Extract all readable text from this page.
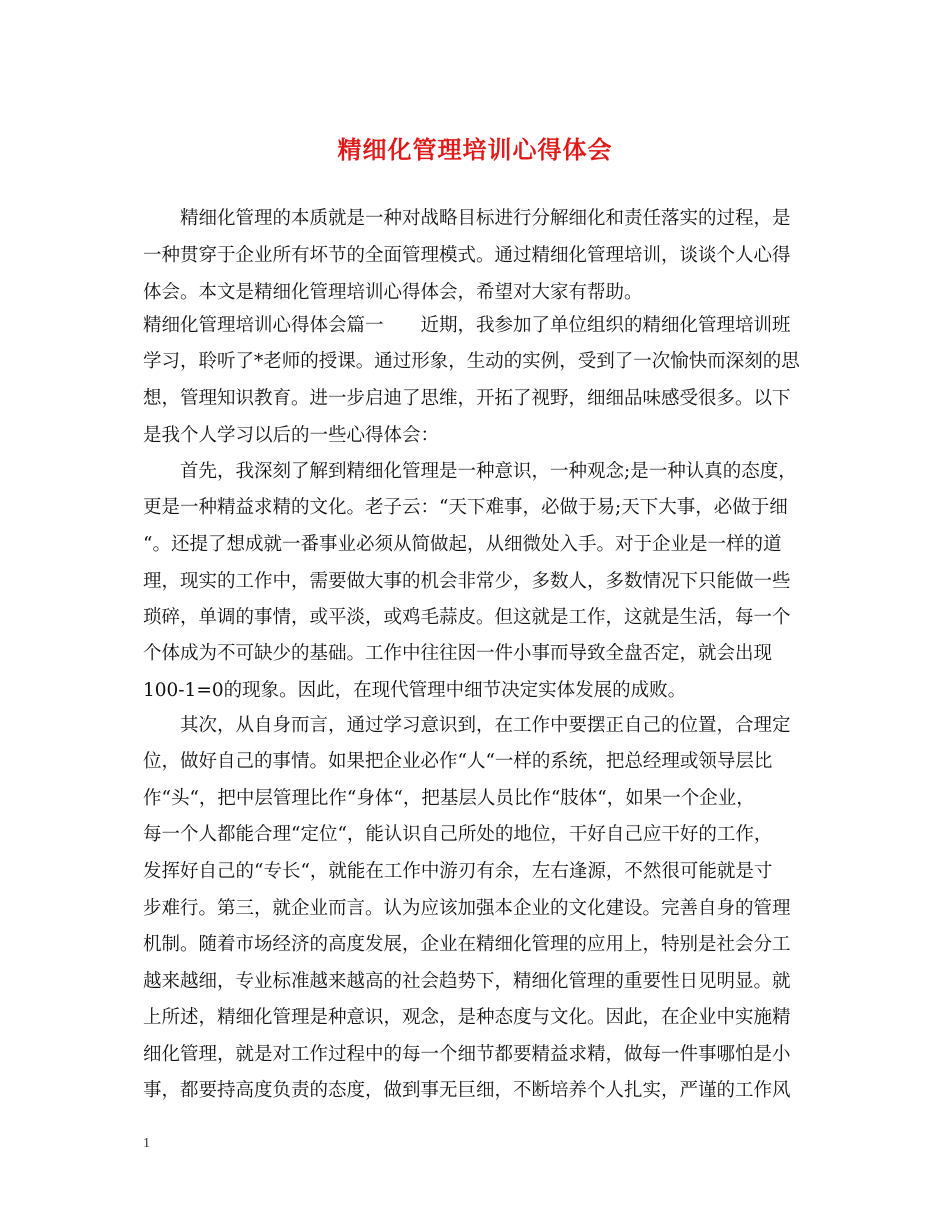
精细化管理培训心得体会

精细化管理的本质就是一种对战略目标进行分解细化和责任落实的过程，是

一种贯穿于企业所有坏节的全面管理模式。通过精细化管理培训，谈谈个人心得

体会。本文是精细化管理培训心得体会，希望对大家有帮助。

精细化管理培训心得体会篇一　　近期，我参加了单位组织的精细化管理培训班

学习，聆听了*老师的授课。通过形象，生动的实例，受到了一次愉快而深刻的思

想，管理知识教育。进一步启迪了思维，开拓了视野，细细品味感受很多。以下

是我个人学习以后的一些心得体会：

首先，我深刻了解到精细化管理是一种意识，一种观念;是一种认真的态度，

更是一种精益求精的文化。老子云：“天下难事，必做于易;天下大事，必做于细

“。还提了想成就一番事业必须从简做起，从细微处入手。对于企业是一样的道

理，现实的工作中，需要做大事的机会非常少，多数人，多数情况下只能做一些

琐碎，单调的事情，或平淡，或鸡毛蒜皮。但这就是工作，这就是生活，每一个

个体成为不可缺少的基础。工作中往往因一件小事而导致全盘否定，就会出现

100-1=0的现象。因此，在现代管理中细节决定实体发展的成败。

其次，从自身而言，通过学习意识到，在工作中要摆正自己的位置，合理定

位，做好自己的事情。如果把企业必作“人“一样的系统，把总经理或领导层比

作“头“，把中层管理比作“身体“，把基层人员比作“肢体“，如果一个企业，

每一个人都能合理“定位“，能认识自己所处的地位，干好自己应干好的工作，

发挥好自己的“专长“，就能在工作中游刃有余，左右逢源，不然很可能就是寸

步难行。第三，就企业而言。认为应该加强本企业的文化建设。完善自身的管理

机制。随着市场经济的高度发展，企业在精细化管理的应用上，特别是社会分工

越来越细，专业标准越来越高的社会趋势下，精细化管理的重要性日见明显。就

上所述，精细化管理是种意识，观念，是种态度与文化。因此，在企业中实施精

细化管理，就是对工作过程中的每一个细节都要精益求精，做每一件事哪怕是小

事，都要持高度负责的态度，做到事无巨细，不断培养个人扎实，严谨的工作风

1
